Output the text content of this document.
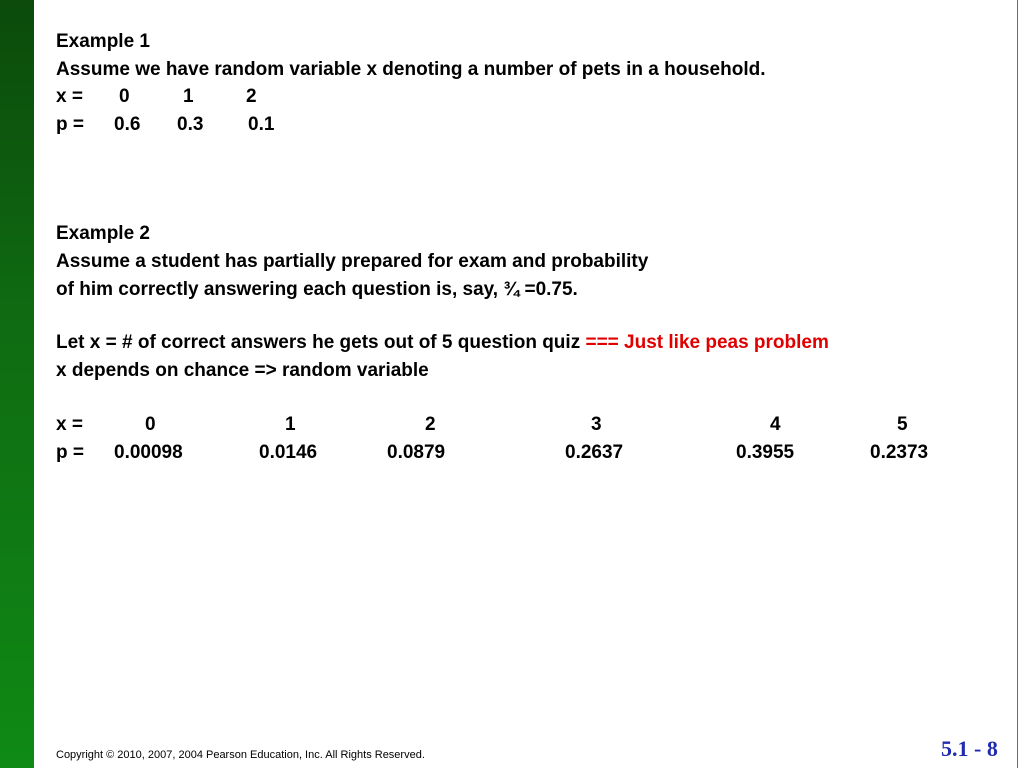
Example 1
Assume we have random variable x denoting a number of pets in a household.
x = 0	1	2
p = 0.6 0.3 0.1
Example 2
Assume a student has partially prepared for exam and probability
of him correctly answering each question is, say, ¾ =0.75.
Let x = # of correct answers he gets out of 5 question quiz === Just like peas problem
x depends on chance => random variable
x =	0	1	2	3	4	5
p = 0.00098	0.0146	0.0879	0.2637	0.3955	0.2373
Copyright © 2010, 2007, 2004 Pearson Education, Inc. All Rights Reserved.	5.1 - 8
